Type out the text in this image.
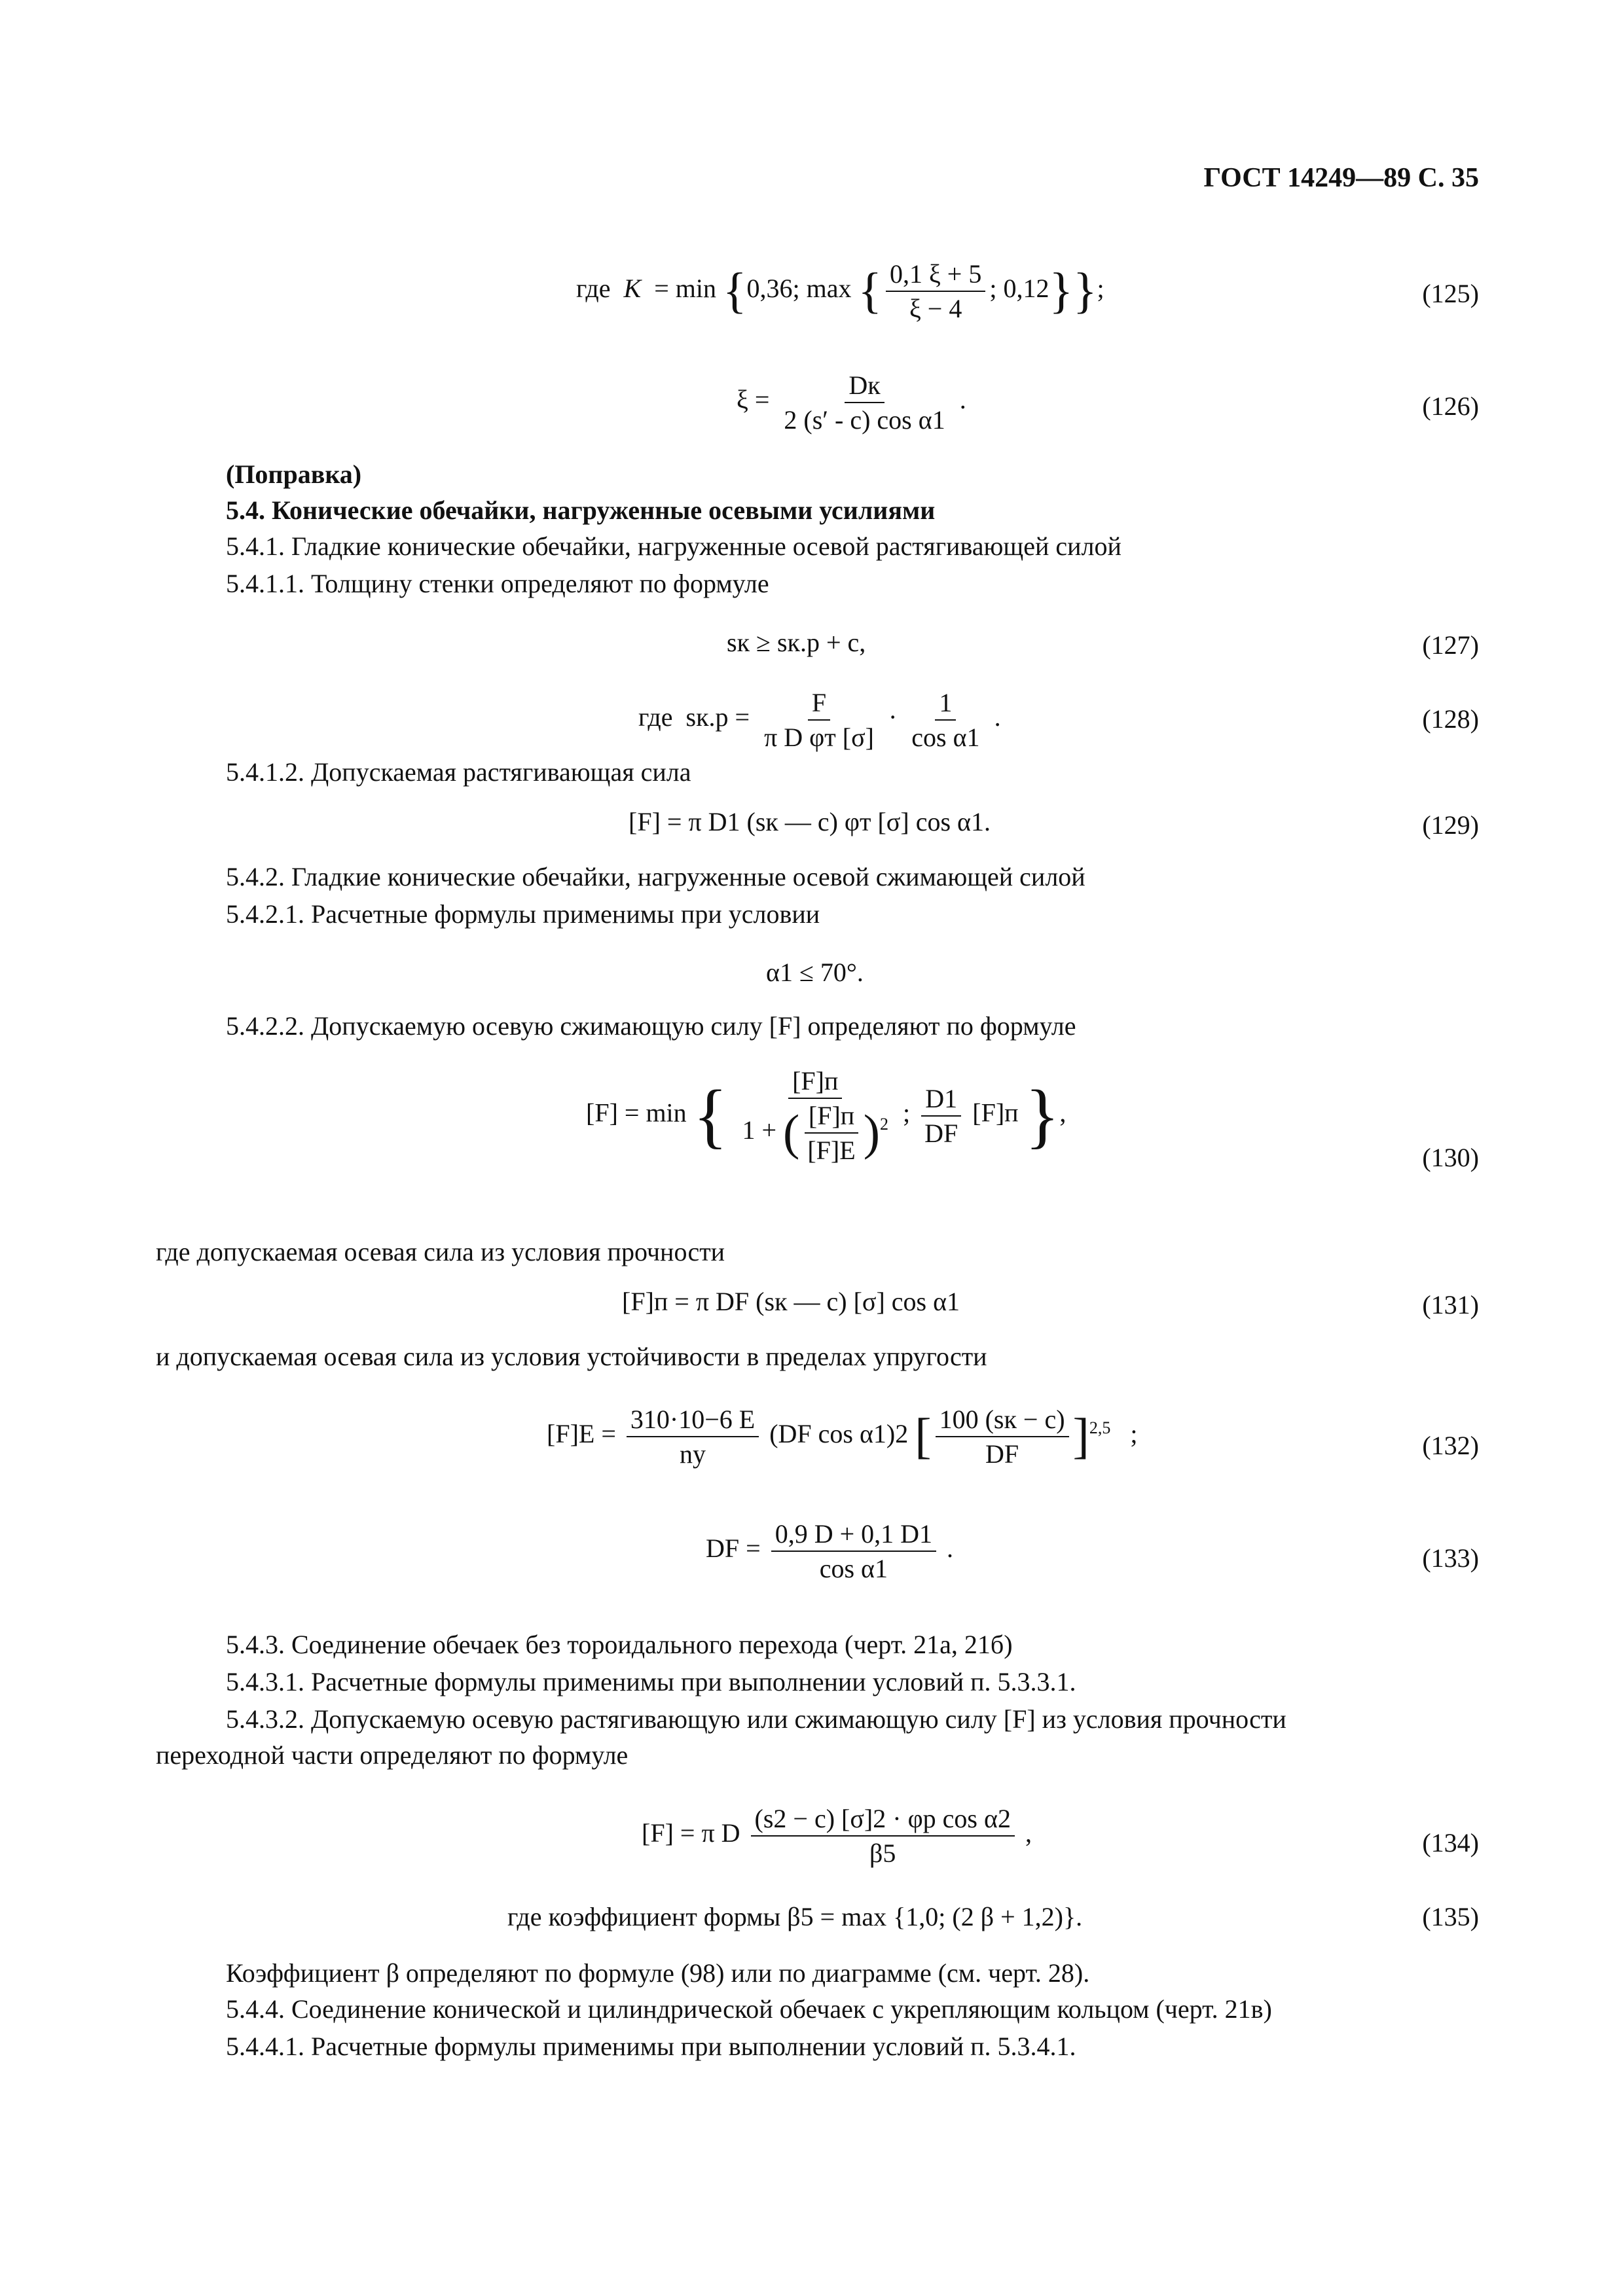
ГОСТ 14249—89 С. 35
где K = min {0,36; max { $\frac{0,1 \xi + 5}{\xi - 4}$ ; 0,12}};	(125)
$\xi = \frac{Dк}{\text{2 (s′ - c) cos α1}}$ .	(126)
(Поправка)
5.4. Конические обечайки, нагруженные осевыми усилиями
5.4.1. Гладкие конические обечайки, нагруженные осевой растягивающей силой
5.4.1.1. Толщину стенки определяют по формуле
sк ≥ sк.р + c,	(127)
где $sк.р = \frac{F}{\text{π D φт [σ]}} \cdot \frac{1}{\text{cos α1}}$ .	(128)
5.4.1.2. Допускаемая растягивающая сила
[F] = π D1 (sк — c) φт [σ] cos α1.	(129)
5.4.2. Гладкие конические обечайки, нагруженные осевой сжимающей силой
5.4.2.1. Расчетные формулы применимы при условии
α1 ≤ 70°.
5.4.2.2. Допускаемую осевую сжимающую силу [F] определяют по формуле
[F] = min { $\frac{[F]п}{1 + ( \frac{[F]п}{[F]E} )^2}$ ; $\frac{D1}{DF} [F]п$ },
(130)
где допускаемая осевая сила из условия прочности
[F]п = π DF (sк — c) [σ] cos α1	(131)
и допускаемая осевая сила из условия устойчивости в пределах упругости
$[F]E = \frac{310\cdot 10-6 E}{nу} (DF$ cos α1)2 [ $\frac{100 (sк - c)}{DF} ]^{2,5}$ ;	(132)
DF = $\frac{0,9 D + 0,1 D1}{\text{cos α1}}$ .	(133)
5.4.3. Соединение обечаек без тороидального перехода (черт. 21а, 21б)
5.4.3.1. Расчетные формулы применимы при выполнении условий п. 5.3.3.1.
5.4.3.2. Допускаемую осевую растягивающую или сжимающую силу [F] из условия прочности
переходной части определяют по формуле
[F] = π D $\frac{\text{(s2 − c) [σ]2 · φр cos α2}}{\beta 5}$ ,	(134)
где коэффициент формы β5 = max {1,0; (2 β + 1,2)}.	(135)
Коэффициент β определяют по формуле (98) или по диаграмме (см. черт. 28).
5.4.4. Соединение конической и цилиндрической обечаек с укрепляющим кольцом (черт. 21в)
5.4.4.1. Расчетные формулы применимы при выполнении условий п. 5.3.4.1.
